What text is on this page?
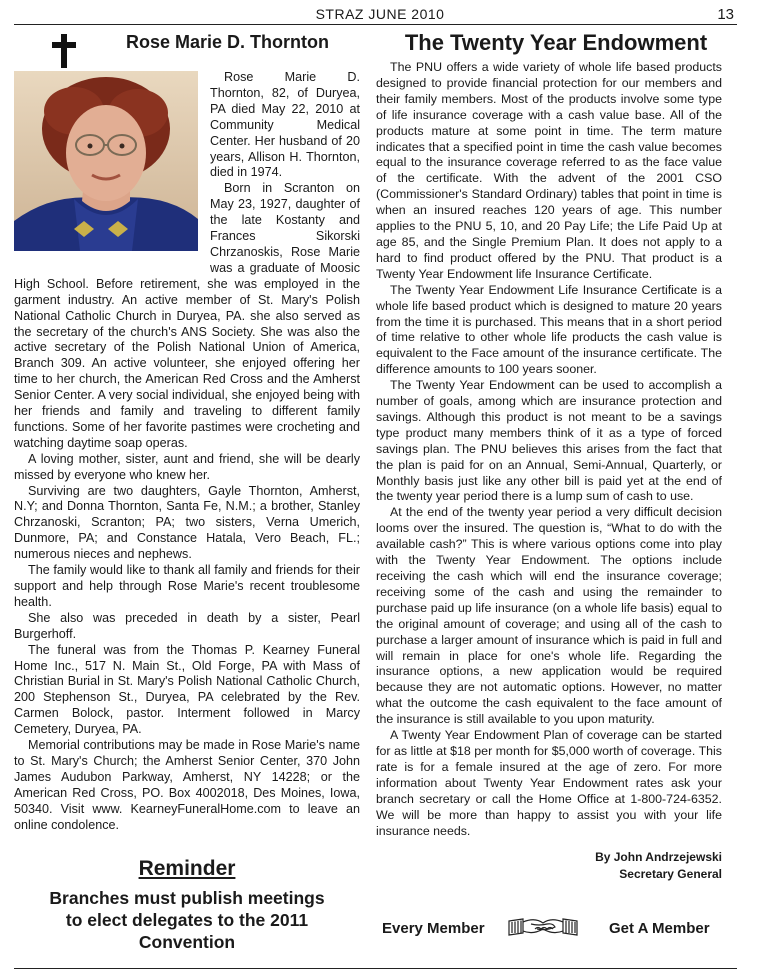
STRAZ JUNE 2010	13
Rose Marie D. Thornton

Rose Marie D. Thornton, 82, of Duryea, PA died May 22, 2010 at Community Medical Center. Her husband of 20 years, Allison H. Thornton, died in 1974.

Born in Scranton on May 23, 1927, daughter of the late Kostanty and Frances Sikorski Chrzanoskis, Rose Marie was a graduate of Moosic High School. Before retirement, she was employed in the garment industry. An active member of St. Mary's Polish National Catholic Church in Duryea, PA. she also served as the secretary of the church's ANS Society. She was also the active secretary of the Polish National Union of America, Branch 309. An active volunteer, she enjoyed offering her time to her church, the American Red Cross and the Amherst Senior Center. A very social individual, she enjoyed being with her friends and family and traveling to different family functions. Some of her favorite pastimes were crocheting and watching daytime soap operas.

A loving mother, sister, aunt and friend, she will be dearly missed by everyone who knew her.

Surviving are two daughters, Gayle Thornton, Amherst, N.Y; and Donna Thornton, Santa Fe, N.M.; a brother, Stanley Chrzanoski, Scranton; PA; two sisters, Verna Umerich, Dunmore, PA; and Constance Hatala, Vero Beach, FL.; numerous nieces and nephews.

The family would like to thank all family and friends for their support and help through Rose Marie's recent troublesome health.

She also was preceded in death by a sister, Pearl Burgerhoff.

The funeral was from the Thomas P. Kearney Funeral Home Inc., 517 N. Main St., Old Forge, PA with Mass of Christian Burial in St. Mary's Polish National Catholic Church, 200 Stephenson St., Duryea, PA celebrated by the Rev. Carmen Bolock, pastor. Interment followed in Marcy Cemetery, Duryea, PA.

Memorial contributions may be made in Rose Marie's name to St. Mary's Church; the Amherst Senior Center, 370 John James Audubon Parkway, Amherst, NY 14228; or the American Red Cross, PO. Box 4002018, Des Moines, Iowa, 50340. Visit www. KearneyFuneralHome.com to leave an online condolence.

Reminder
Branches must publish meetings
to elect delegates to the 2011
Convention
The Twenty Year Endowment

The PNU offers a wide variety of whole life based products designed to provide financial protection for our members and their family members. Most of the products involve some type of life insurance coverage with a cash value base. All of the products mature at some point in time. The term mature indicates that a specified point in time the cash value becomes equal to the insurance coverage referred to as the face value of the certificate. With the advent of the 2001 CSO (Commissioner's Standard Ordinary) tables that point in time is when an insured reaches 120 years of age. This number applies to the PNU 5, 10, and 20 Pay Life; the Life Paid Up at age 85, and the Single Premium Plan. It does not apply to a hard to find product offered by the PNU. That product is a Twenty Year Endowment life Insurance Certificate.

The Twenty Year Endowment Life Insurance Certificate is a whole life based product which is designed to mature 20 years from the time it is purchased. This means that in a short period of time relative to other whole life products the cash value is equivalent to the Face amount of the insurance certificate. The difference amounts to 100 years sooner.

The Twenty Year Endowment can be used to accomplish a number of goals, among which are insurance protection and savings. Although this product is not meant to be a savings type product many members think of it as a type of forced savings plan. The PNU believes this arises from the fact that the plan is paid for on an Annual, Semi-Annual, Quarterly, or Monthly basis just like any other bill is paid yet at the end of the twenty year period there is a lump sum of cash to use.

At the end of the twenty year period a very difficult decision looms over the insured. The question is, “What to do with the available cash?” This is where various options come into play with the Twenty Year Endowment. The options include receiving the cash which will end the insurance coverage; receiving some of the cash and using the remainder to purchase paid up life insurance (on a whole life basis) equal to the original amount of coverage; and using all of the cash to purchase a larger amount of insurance which is paid in full and will remain in place for one's whole life. Regarding the insurance options, a new application would be required because they are not automatic options. However, no matter what the outcome the cash equivalent to the face amount of the insurance is still available to you upon maturity.

A Twenty Year Endowment Plan of coverage can be started for as little at $18 per month for $5,000 worth of coverage. This rate is for a female insured at the age of zero. For more information about Twenty Year Endowment rates ask your branch secretary or call the Home Office at 1-800-724-6352. We will be more than happy to assist you with your life insurance needs.

By John Andrzejewski
Secretary General
Every Member	Get A Member
